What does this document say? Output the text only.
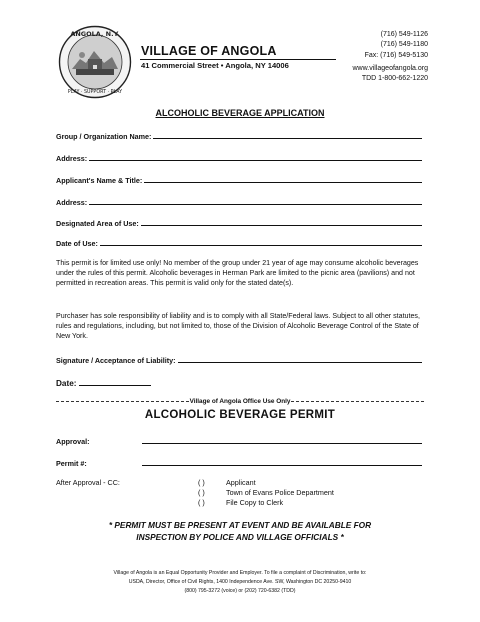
ANGOLA, N.Y.
PLAY · SUPPORT · PLAY
VILLAGE OF ANGOLA
41 Commercial Street • Angola, NY 14006
(716) 549-1126
(716) 549-1180
Fax: (716) 549-5130
www.villageofangola.org
TDD 1-800-662-1220
ALCOHOLIC BEVERAGE APPLICATION
Group / Organization Name:
Address:
Applicant's Name & Title:
Address:
Designated Area of Use:
Date of Use:
This permit is for limited use only! No member of the group under 21 year of age may consume alcoholic beverages under the rules of this permit. Alcoholic beverages in Herman Park are limited to the picnic area (pavilions) and not permitted in recreation areas. This permit is valid only for the stated date(s).
Purchaser has sole responsibility of liability and is to comply with all State/Federal laws. Subject to all other statutes, rules and regulations, including, but not limited to, those of the Division of Alcoholic Beverage Control of the State of New York.
Signature / Acceptance of Liability:
Date:
Village of Angola Office Use Only
ALCOHOLIC BEVERAGE PERMIT
Approval:
Permit #:
After Approval - CC:	( )	Applicant
( )	Town of Evans Police Department
( )	File Copy to Clerk
* PERMIT MUST BE PRESENT AT EVENT AND BE AVAILABLE FOR
INSPECTION BY POLICE AND VILLAGE OFFICIALS *
Village of Angola is an Equal Opportunity Provider and Employer. To file a complaint of Discrimination, write to:
USDA, Director, Office of Civil Rights, 1400 Independence Ave. SW, Washington DC 20250-9410
(800) 795-3272 (voice) or (202) 720-6382 (TDD)
